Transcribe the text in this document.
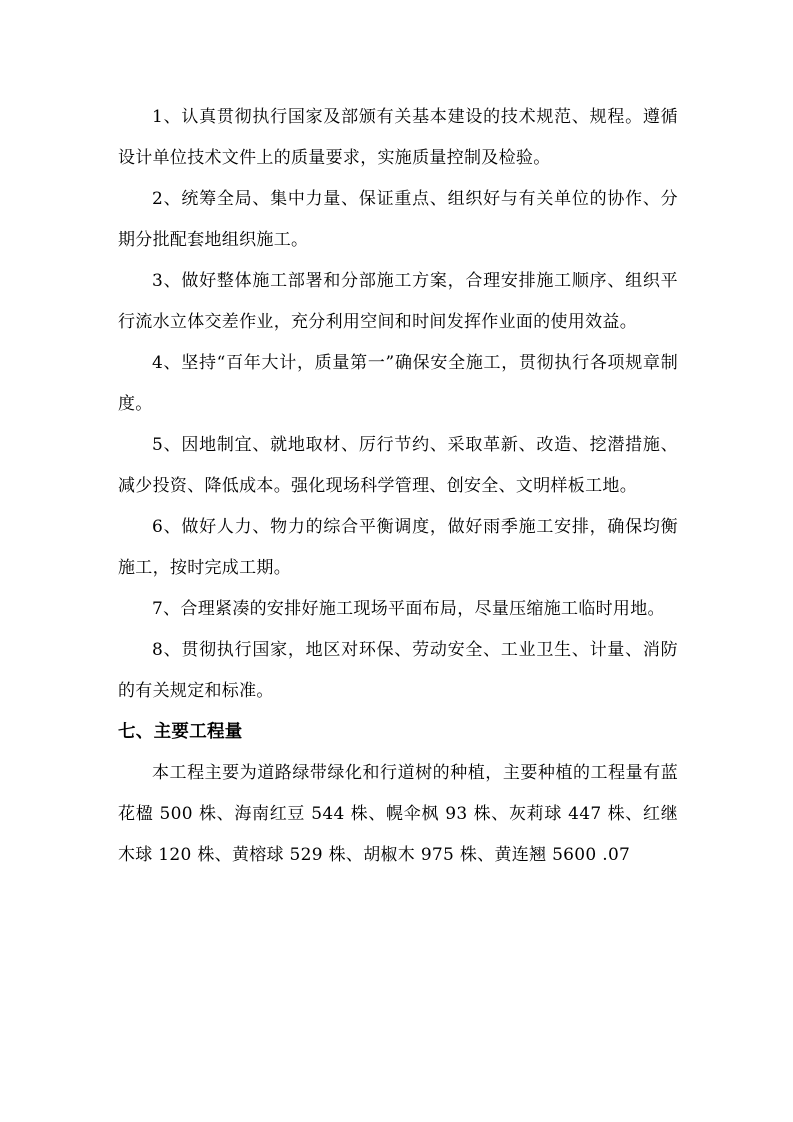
1、认真贯彻执行国家及部颁有关基本建设的技术规范、规程。遵循设计单位技术文件上的质量要求，实施质量控制及检验。

2、统筹全局、集中力量、保证重点、组织好与有关单位的协作、分期分批配套地组织施工。

3、做好整体施工部署和分部施工方案，合理安排施工顺序、组织平行流水立体交差作业，充分利用空间和时间发挥作业面的使用效益。

4、坚持“百年大计，质量第一”确保安全施工，贯彻执行各项规章制度。

5、因地制宜、就地取材、厉行节约、采取革新、改造、挖潜措施、减少投资、降低成本。强化现场科学管理、创安全、文明样板工地。

6、做好人力、物力的综合平衡调度，做好雨季施工安排，确保均衡施工，按时完成工期。

7、合理紧凑的安排好施工现场平面布局，尽量压缩施工临时用地。

8、贯彻执行国家，地区对环保、劳动安全、工业卫生、计量、消防的有关规定和标准。

七、主要工程量

本工程主要为道路绿带绿化和行道树的种植，主要种植的工程量有蓝花楹 500 株、海南红豆 544 株、幌伞枫 93 株、灰莉球 447 株、红继木球 120 株、黄榕球 529 株、胡椒木 975 株、黄连翘 5600 .07
